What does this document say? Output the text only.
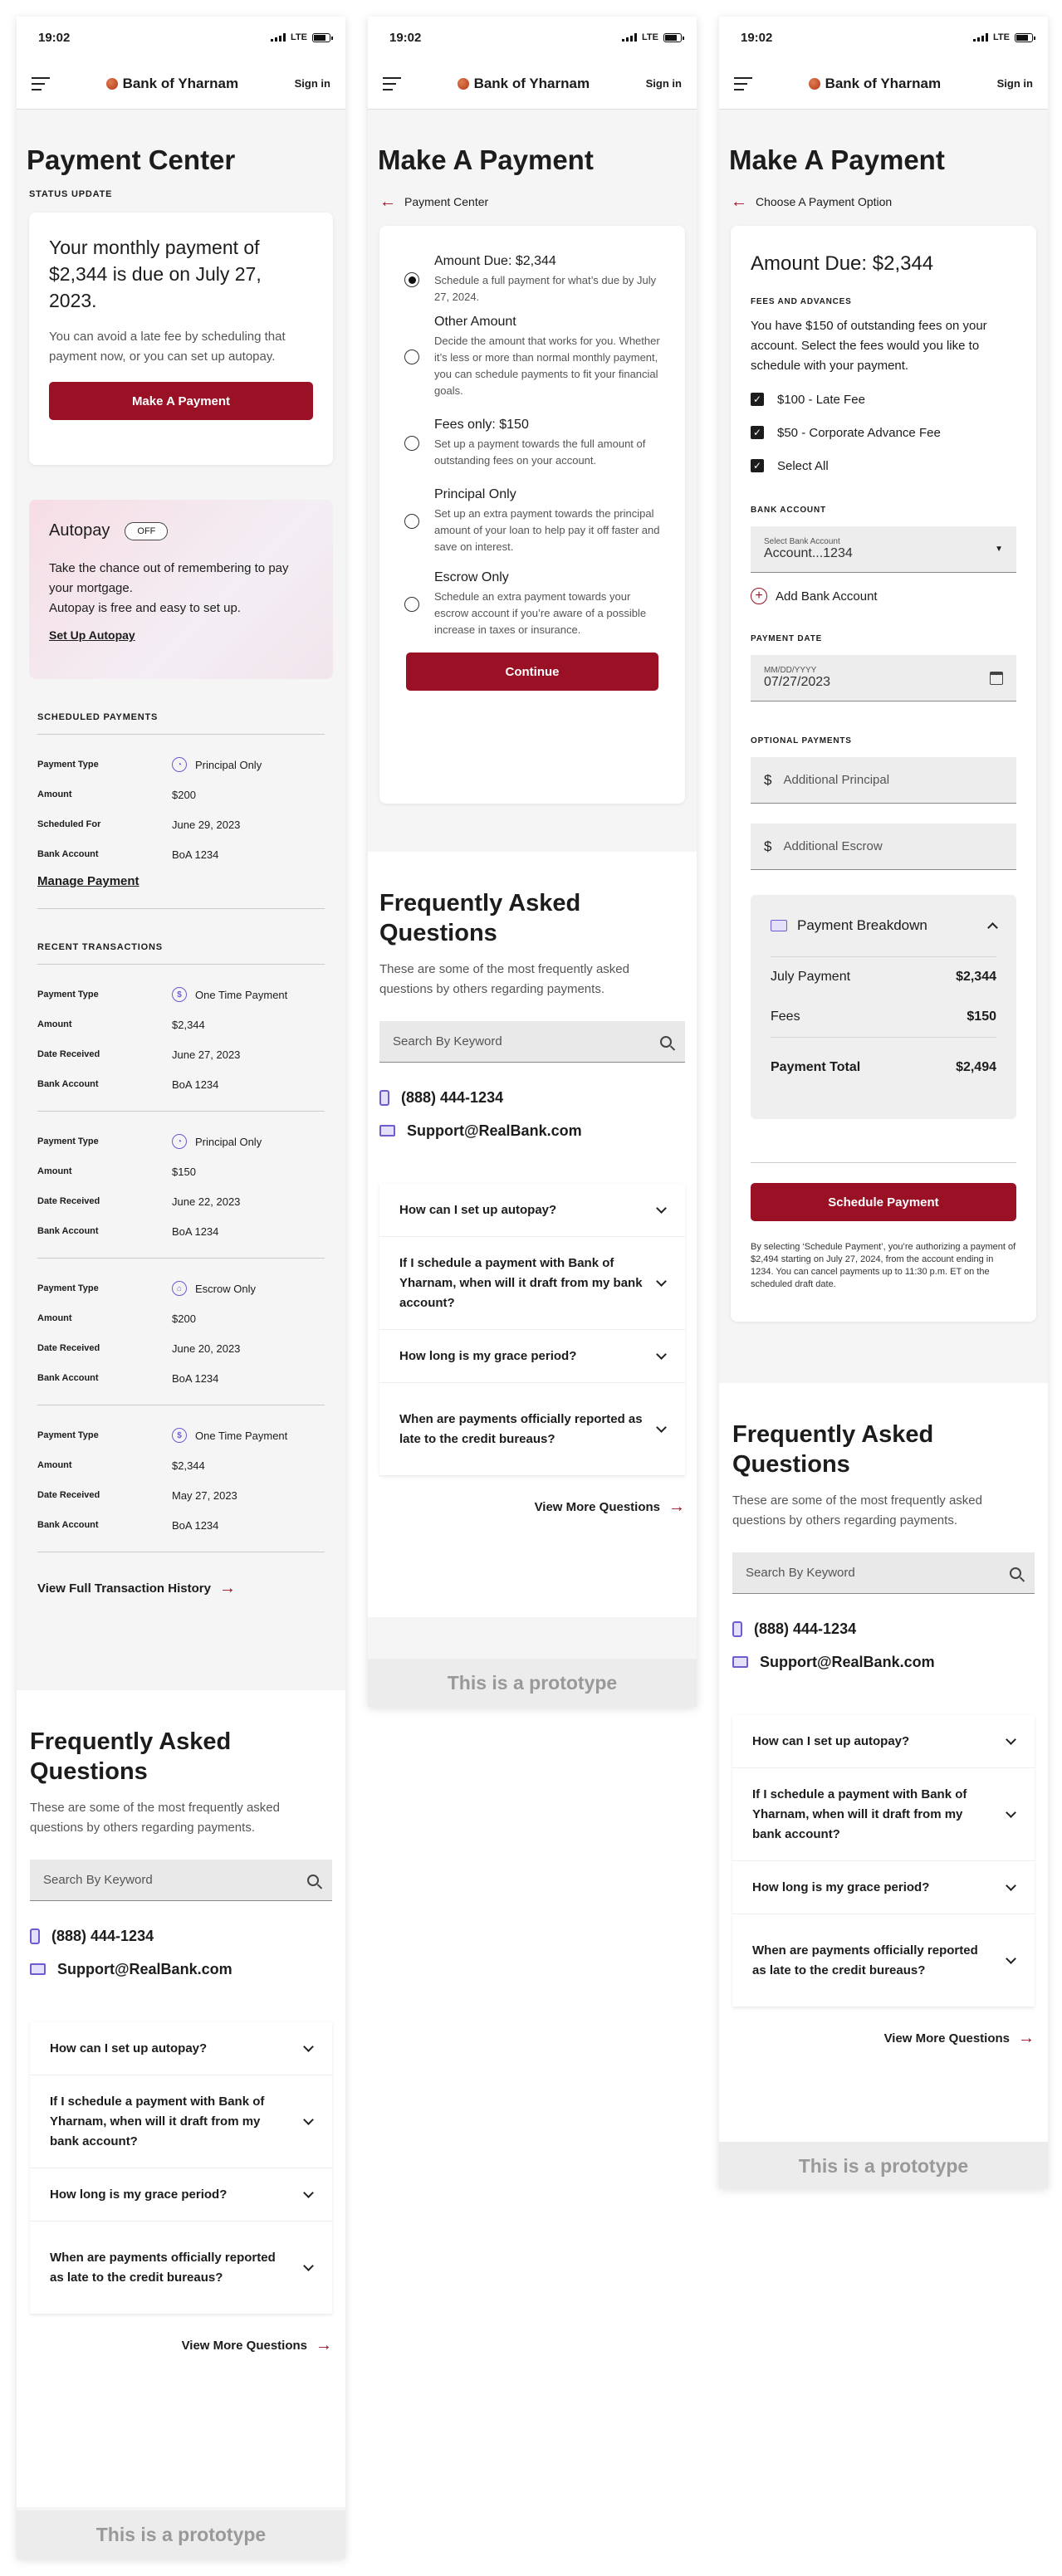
19:02	LTE
Bank of Yharnam	Sign in
Payment Center
STATUS UPDATE
Your monthly payment of $2,344 is due on July 27, 2023.
You can avoid a late fee by scheduling that payment now, or you can set up autopay.
Make A Payment
Autopay	OFF
Take the chance out of remembering to pay your mortgage.
Autopay is free and easy to set up.
Set Up Autopay
SCHEDULED PAYMENTS
Payment Type	◔	Principal Only
Amount	$200
Scheduled For	June 29, 2023
Bank Account	BoA 1234
Manage Payment
RECENT TRANSACTIONS
Payment Type	$	One Time Payment
Amount	$2,344
Date Received	June 27, 2023
Bank Account	BoA 1234
Payment Type	◔	Principal Only
Amount	$150
Date Received	June 22, 2023
Bank Account	BoA 1234
Payment Type	⌂	Escrow Only
Amount	$200
Date Received	June 20, 2023
Bank Account	BoA 1234
Payment Type	$	One Time Payment
Amount	$2,344
Date Received	May 27, 2023
Bank Account	BoA 1234
View Full Transaction History →
Frequently Asked Questions
These are some of the most frequently asked questions by others regarding payments.
Search By Keyword
(888) 444-1234
Support@RealBank.com
How can I set up autopay?
If I schedule a payment with Bank of Yharnam, when will it draft from my bank account?
How long is my grace period?
When are payments officially reported as late to the credit bureaus?
View More Questions →
This is a prototype
19:02	LTE
Bank of Yharnam	Sign in
Make A Payment
← Payment Center
Amount Due: $2,344
Schedule a full payment for what’s due by July 27, 2024.
Other Amount
Decide the amount that works for you. Whether it’s less or more than normal monthly payment, you can schedule payments to fit your financial goals.
Fees only: $150
Set up a payment towards the full amount of outstanding fees on your account.
Principal Only
Set up an extra payment towards the principal amount of your loan to help pay it off faster and save on interest.
Escrow Only
Schedule an extra payment towards your escrow account if you’re aware of a possible increase in taxes or insurance.
Continue
Frequently Asked Questions
These are some of the most frequently asked questions by others regarding payments.
Search By Keyword
(888) 444-1234
Support@RealBank.com
How can I set up autopay?
If I schedule a payment with Bank of Yharnam, when will it draft from my bank account?
How long is my grace period?
When are payments officially reported as late to the credit bureaus?
View More Questions →
This is a prototype
19:02	LTE
Bank of Yharnam	Sign in
Make A Payment
← Choose A Payment Option
Amount Due: $2,344
FEES AND ADVANCES
You have $150 of outstanding fees on your account. Select the fees would you like to schedule with your payment.
✓ $100 - Late Fee
✓ $50 - Corporate Advance Fee
✓ Select All
BANK ACCOUNT
Select Bank Account
Account...1234	▼
+	Add Bank Account
PAYMENT DATE
MM/DD/YYYY
07/27/2023
OPTIONAL PAYMENTS
$ Additional Principal
$ Additional Escrow
Payment Breakdown
July Payment	$2,344
Fees	$150
Payment Total	$2,494
Schedule Payment
By selecting ‘Schedule Payment’, you’re authorizing a payment of $2,494 starting on July 27, 2024, from the account ending in 1234. You can cancel payments up to 11:30 p.m. ET on the scheduled draft date.
Frequently Asked Questions
These are some of the most frequently asked questions by others regarding payments.
Search By Keyword
(888) 444-1234
Support@RealBank.com
How can I set up autopay?
If I schedule a payment with Bank of Yharnam, when will it draft from my bank account?
How long is my grace period?
When are payments officially reported as late to the credit bureaus?
View More Questions →
This is a prototype
